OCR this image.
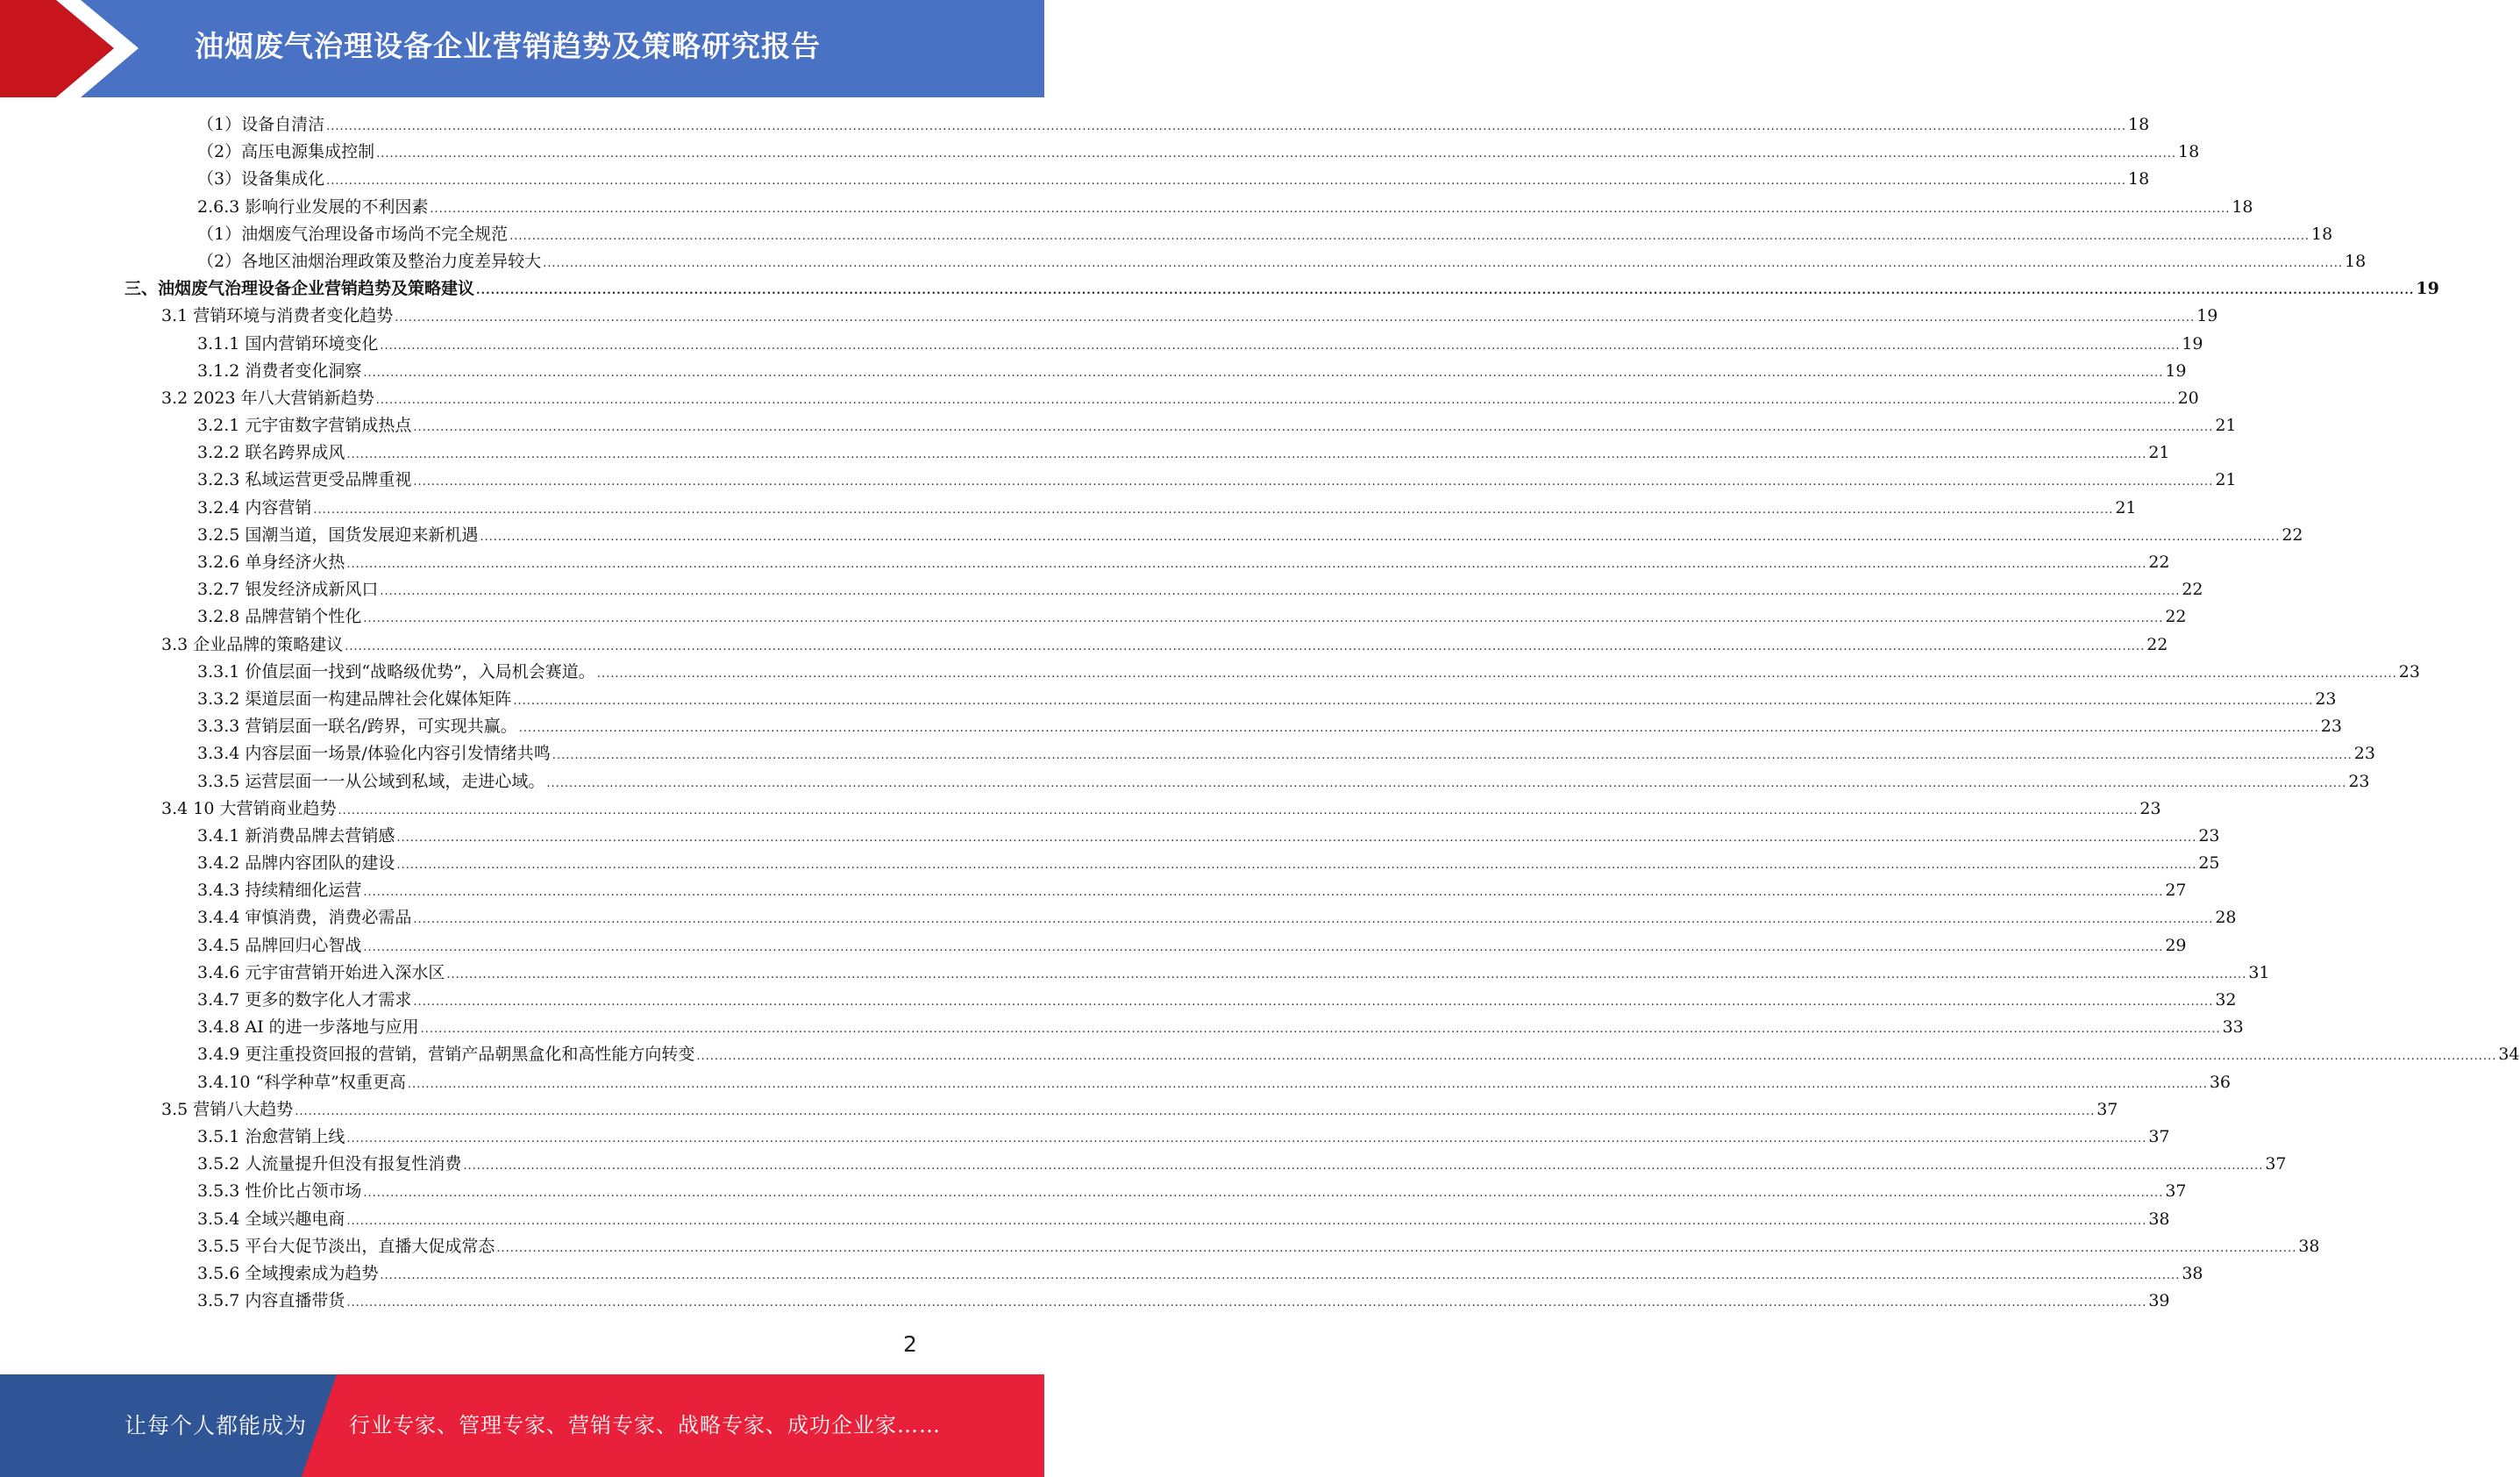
油烟废气治理设备企业营销趋势及策略研究报告
（1）设备自清洁 ................................................................................................................................................................................................................................................................................................................................................................................................................ 18
（2）高压电源集成控制 ................................................................................................................................................................................................................................................................................................................................................................................................................ 18
（3）设备集成化 ................................................................................................................................................................................................................................................................................................................................................................................................................ 18
2.6.3 影响行业发展的不利因素 ................................................................................................................................................................................................................................................................................................................................................................................................................ 18
（1）油烟废气治理设备市场尚不完全规范 ................................................................................................................................................................................................................................................................................................................................................................................................................ 18
（2）各地区油烟治理政策及整治力度差异较大 ................................................................................................................................................................................................................................................................................................................................................................................................................ 18
三、油烟废气治理设备企业营销趋势及策略建议 ................................................................................................................................................................................................................................................................................................................................................................................................................ 19
3.1 营销环境与消费者变化趋势 ................................................................................................................................................................................................................................................................................................................................................................................................................ 19
3.1.1 国内营销环境变化 ................................................................................................................................................................................................................................................................................................................................................................................................................ 19
3.1.2 消费者变化洞察 ................................................................................................................................................................................................................................................................................................................................................................................................................ 19
3.2 2023 年八大营销新趋势 ................................................................................................................................................................................................................................................................................................................................................................................................................ 20
3.2.1 元宇宙数字营销成热点 ................................................................................................................................................................................................................................................................................................................................................................................................................ 21
3.2.2 联名跨界成风 ................................................................................................................................................................................................................................................................................................................................................................................................................ 21
3.2.3 私域运营更受品牌重视 ................................................................................................................................................................................................................................................................................................................................................................................................................ 21
3.2.4 内容营销 ................................................................................................................................................................................................................................................................................................................................................................................................................ 21
3.2.5 国潮当道，国货发展迎来新机遇 ................................................................................................................................................................................................................................................................................................................................................................................................................ 22
3.2.6 单身经济火热 ................................................................................................................................................................................................................................................................................................................................................................................................................ 22
3.2.7 银发经济成新风口 ................................................................................................................................................................................................................................................................................................................................................................................................................ 22
3.2.8 品牌营销个性化 ................................................................................................................................................................................................................................................................................................................................................................................................................ 22
3.3 企业品牌的策略建议 ................................................................................................................................................................................................................................................................................................................................................................................................................ 22
3.3.1 价值层面一找到“战略级优势”，入局机会赛道。 ................................................................................................................................................................................................................................................................................................................................................................................................................ 23
3.3.2 渠道层面一构建品牌社会化媒体矩阵 ................................................................................................................................................................................................................................................................................................................................................................................................................ 23
3.3.3 营销层面一联名/跨界，可实现共赢。 ................................................................................................................................................................................................................................................................................................................................................................................................................ 23
3.3.4 内容层面一场景/体验化内容引发情绪共鸣 ................................................................................................................................................................................................................................................................................................................................................................................................................ 23
3.3.5 运营层面一一从公域到私域，走进心域。 ................................................................................................................................................................................................................................................................................................................................................................................................................ 23
3.4 10 大营销商业趋势 ................................................................................................................................................................................................................................................................................................................................................................................................................ 23
3.4.1 新消费品牌去营销感 ................................................................................................................................................................................................................................................................................................................................................................................................................ 23
3.4.2 品牌内容团队的建设 ................................................................................................................................................................................................................................................................................................................................................................................................................ 25
3.4.3 持续精细化运营 ................................................................................................................................................................................................................................................................................................................................................................................................................ 27
3.4.4 审慎消费，消费必需品 ................................................................................................................................................................................................................................................................................................................................................................................................................ 28
3.4.5 品牌回归心智战 ................................................................................................................................................................................................................................................................................................................................................................................................................ 29
3.4.6 元宇宙营销开始进入深水区 ................................................................................................................................................................................................................................................................................................................................................................................................................ 31
3.4.7 更多的数字化人才需求 ................................................................................................................................................................................................................................................................................................................................................................................................................ 32
3.4.8 AI 的进一步落地与应用 ................................................................................................................................................................................................................................................................................................................................................................................................................ 33
3.4.9 更注重投资回报的营销，营销产品朝黑盒化和高性能方向转变 ................................................................................................................................................................................................................................................................................................................................................................................................................ 34
3.4.10 “科学种草”权重更高 ................................................................................................................................................................................................................................................................................................................................................................................................................ 36
3.5 营销八大趋势 ................................................................................................................................................................................................................................................................................................................................................................................................................ 37
3.5.1 治愈营销上线 ................................................................................................................................................................................................................................................................................................................................................................................................................ 37
3.5.2 人流量提升但没有报复性消费 ................................................................................................................................................................................................................................................................................................................................................................................................................ 37
3.5.3 性价比占领市场 ................................................................................................................................................................................................................................................................................................................................................................................................................ 37
3.5.4 全域兴趣电商 ................................................................................................................................................................................................................................................................................................................................................................................................................ 38
3.5.5 平台大促节淡出，直播大促成常态 ................................................................................................................................................................................................................................................................................................................................................................................................................ 38
3.5.6 全域搜索成为趋势 ................................................................................................................................................................................................................................................................................................................................................................................................................ 38
3.5.7 内容直播带货 ................................................................................................................................................................................................................................................................................................................................................................................................................ 39
2
让每个人都能成为 行业专家、管理专家、营销专家、战略专家、成功企业家……
